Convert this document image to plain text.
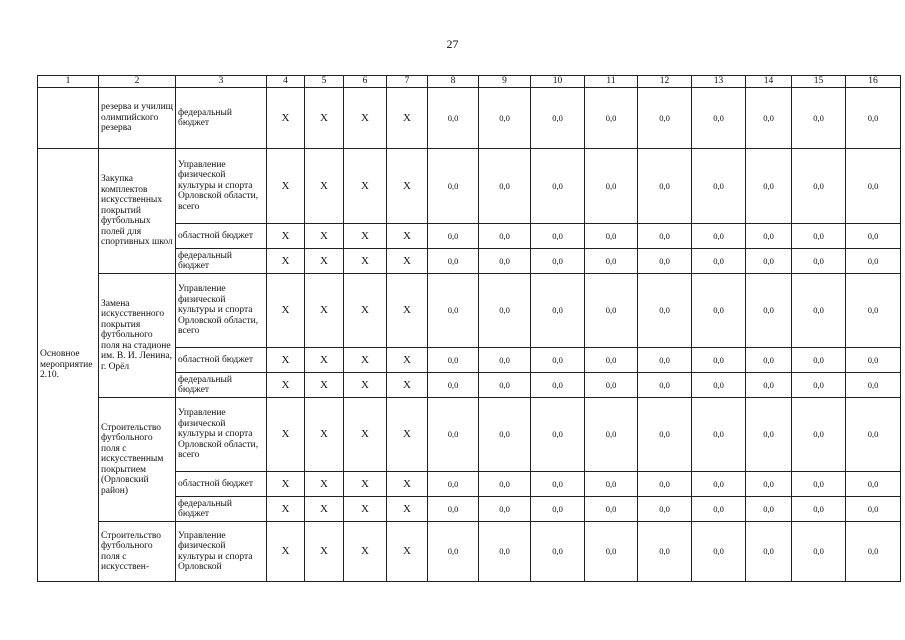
27
1	2	3	4	5	6	7	8	9	10	11	12	13	14	15	16
	резерва и училищ олимпийского резерва	федеральный бюджет	Х	Х	Х	Х	0,0	0,0	0,0	0,0	0,0	0,0	0,0	0,0	0,0
Основное мероприятие 2.10.	Закупка комплектов искусственных покрытий футбольных полей для спортивных школ	Управление физической культуры и спорта Орловской области, всего	Х	Х	Х	Х	0,0	0,0	0,0	0,0	0,0	0,0	0,0	0,0	0,0
		областной бюджет	Х	Х	Х	Х	0,0	0,0	0,0	0,0	0,0	0,0	0,0	0,0	0,0
		федеральный бюджет	Х	Х	Х	Х	0,0	0,0	0,0	0,0	0,0	0,0	0,0	0,0	0,0
	Замена искусственного покрытия футбольного поля на стадионе им. В. И. Ленина, г. Орёл	Управление физической культуры и спорта Орловской области, всего	Х	Х	Х	Х	0,0	0,0	0,0	0,0	0,0	0,0	0,0	0,0	0,0
		областной бюджет	Х	Х	Х	Х	0,0	0,0	0,0	0,0	0,0	0,0	0,0	0,0	0,0
		федеральный бюджет	Х	Х	Х	Х	0,0	0,0	0,0	0,0	0,0	0,0	0,0	0,0	0,0
	Строительство футбольного поля с искусственным покрытием (Орловский район)	Управление физической культуры и спорта Орловской области, всего	Х	Х	Х	Х	0,0	0,0	0,0	0,0	0,0	0,0	0,0	0,0	0,0
		областной бюджет	Х	Х	Х	Х	0,0	0,0	0,0	0,0	0,0	0,0	0,0	0,0	0,0
		федеральный бюджет	Х	Х	Х	Х	0,0	0,0	0,0	0,0	0,0	0,0	0,0	0,0	0,0
	Строительство футбольного поля с искусствен-	Управление физической культуры и спорта Орловской	Х	Х	Х	Х	0,0	0,0	0,0	0,0	0,0	0,0	0,0	0,0	0,0
